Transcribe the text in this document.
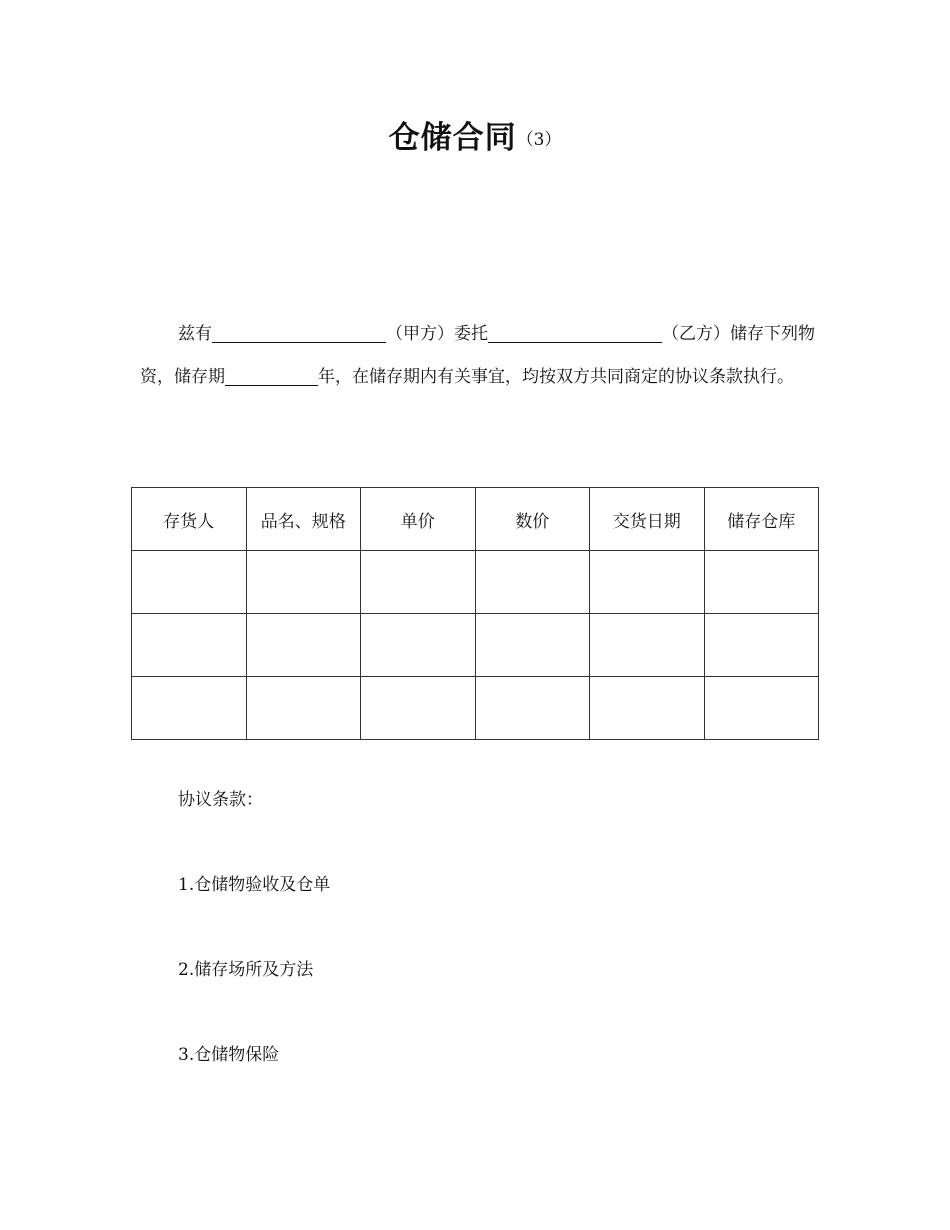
仓储合同（3）
兹有	（甲方）委托	（乙方）储存下列物资，储存期	年，在储存期内有关事宜，均按双方共同商定的协议条款执行。
存货人	品名、规格	单价	数价	交货日期	储存仓库

协议条款：
1.仓储物验收及仓单
2.储存场所及方法
3.仓储物保险
